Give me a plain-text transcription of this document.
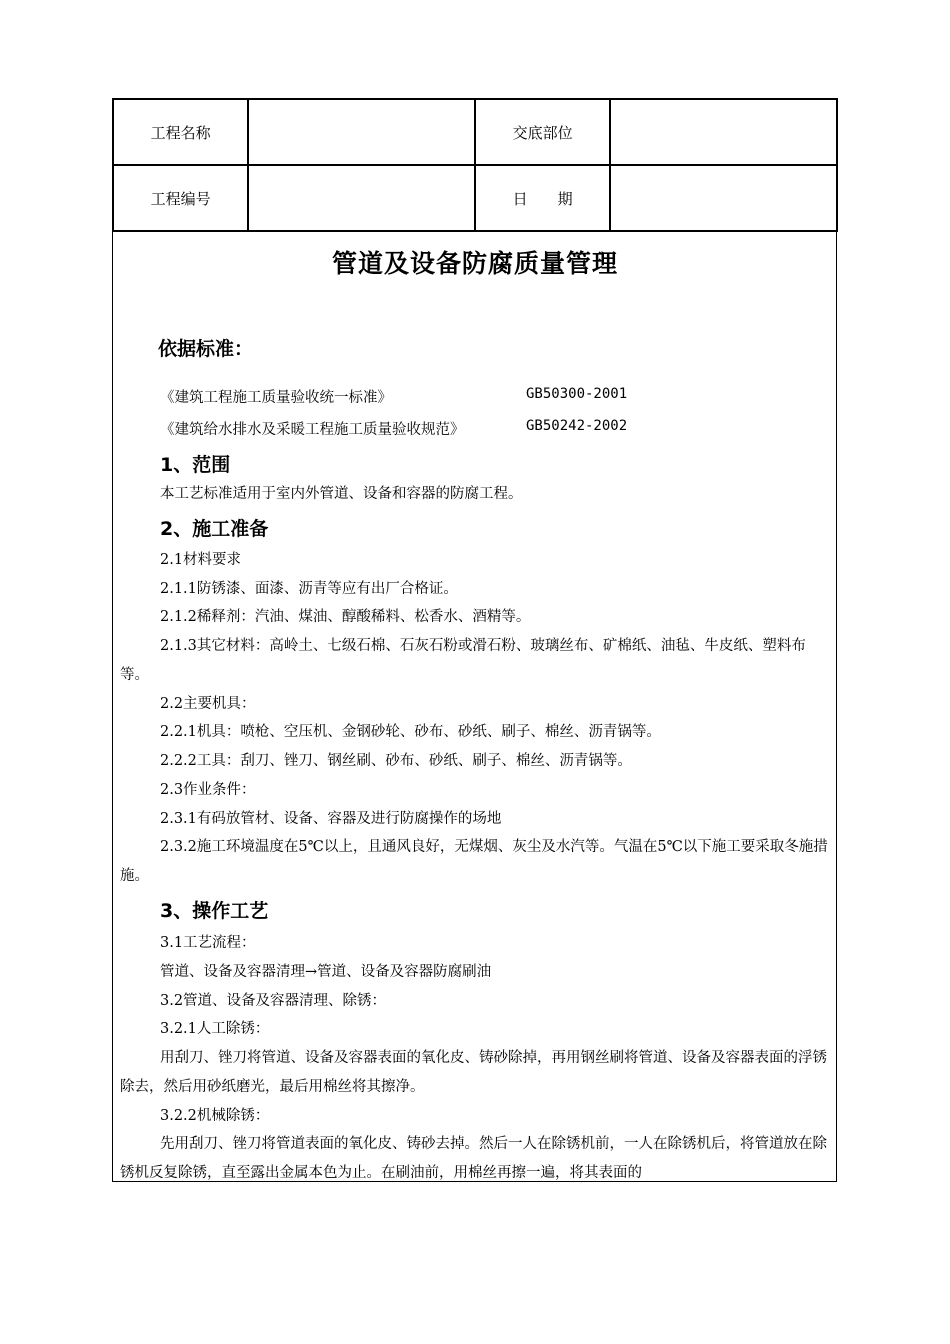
工程名称		交底部位	
工程编号		日　　期	
管道及设备防腐质量管理
依据标准：
《建筑工程施工质量验收统一标准》	GB50300-2001
《建筑给水排水及采暖工程施工质量验收规范》	GB50242-2002
1、范围
本工艺标准适用于室内外管道、设备和容器的防腐工程。
2、施工准备
2.1材料要求
2.1.1防锈漆、面漆、沥青等应有出厂合格证。
2.1.2稀释剂：汽油、煤油、醇酸稀料、松香水、酒精等。
2.1.3其它材料：高岭土、七级石棉、石灰石粉或滑石粉、玻璃丝布、矿棉纸、油毡、牛皮纸、塑料布等。
2.2主要机具：
2.2.1机具：喷枪、空压机、金钢砂轮、砂布、砂纸、刷子、棉丝、沥青锅等。
2.2.2工具：刮刀、锉刀、钢丝刷、砂布、砂纸、刷子、棉丝、沥青锅等。
2.3作业条件：
2.3.1有码放管材、设备、容器及进行防腐操作的场地
2.3.2施工环境温度在5℃以上，且通风良好，无煤烟、灰尘及水汽等。气温在5℃以下施工要采取冬施措施。
3、操作工艺
3.1工艺流程：
管道、设备及容器清理→管道、设备及容器防腐刷油
3.2管道、设备及容器清理、除锈：
3.2.1人工除锈：
用刮刀、锉刀将管道、设备及容器表面的氧化皮、铸砂除掉，再用钢丝刷将管道、设备及容器表面的浮锈除去，然后用砂纸磨光，最后用棉丝将其擦净。
3.2.2机械除锈：
先用刮刀、锉刀将管道表面的氧化皮、铸砂去掉。然后一人在除锈机前，一人在除锈机后，将管道放在除锈机反复除锈，直至露出金属本色为止。在刷油前，用棉丝再擦一遍，将其表面的
